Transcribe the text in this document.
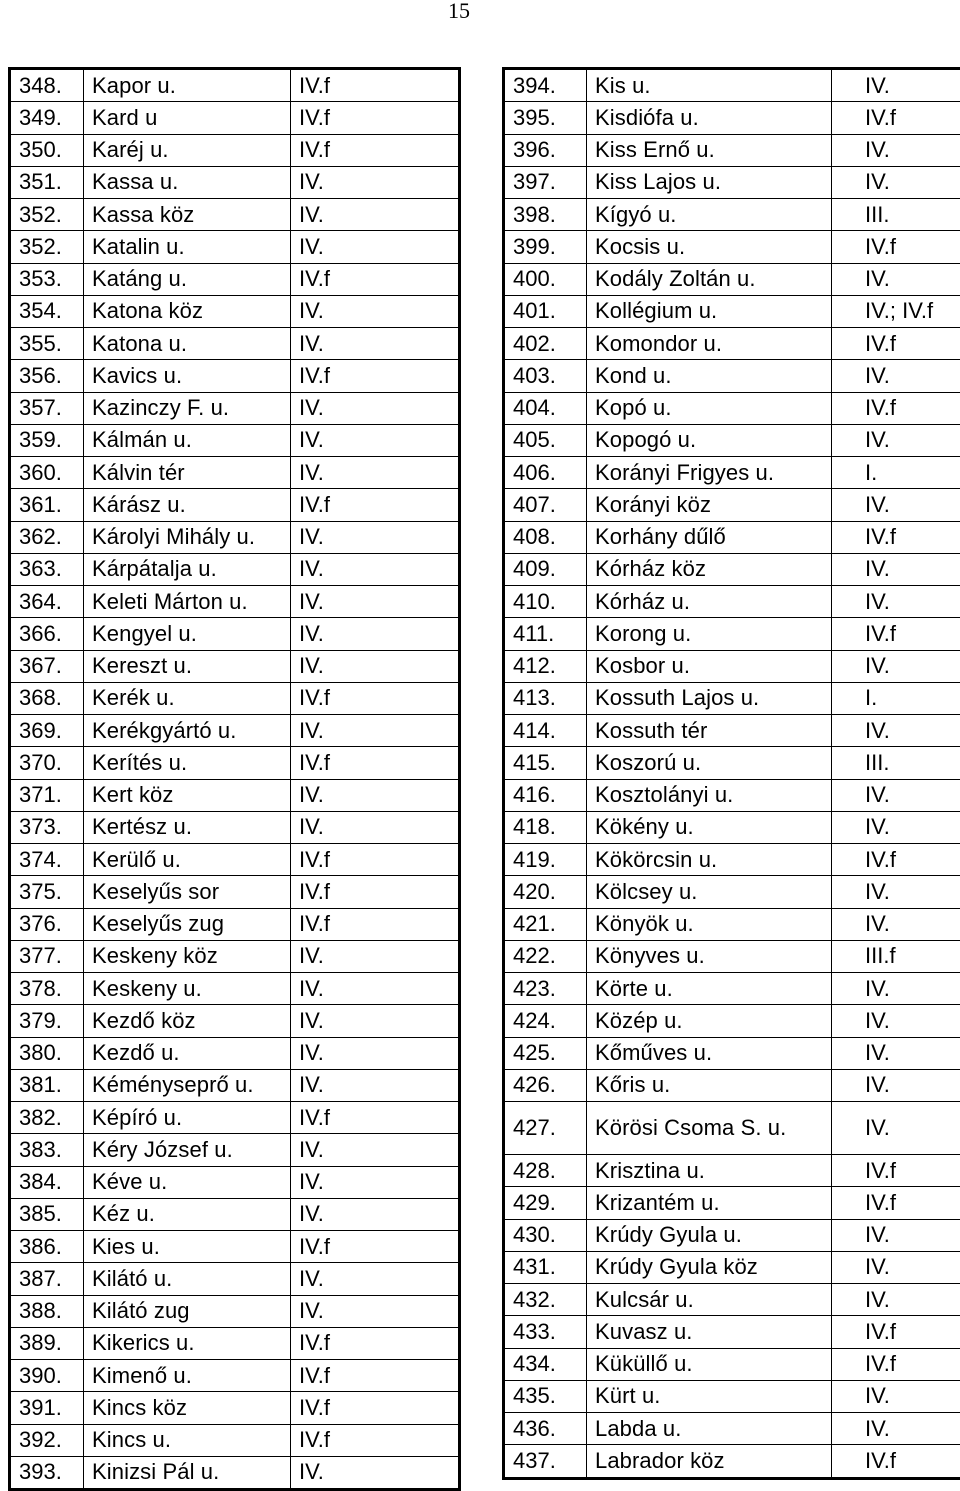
15
348.	Kapor u.	IV.f
349.	Kard u	IV.f
350.	Karéj u.	IV.f
351.	Kassa u.	IV.
352.	Kassa köz	IV.
352.	Katalin u.	IV.
353.	Katáng u.	IV.f
354.	Katona köz	IV.
355.	Katona u.	IV.
356.	Kavics u.	IV.f
357.	Kazinczy F. u.	IV.
359.	Kálmán u.	IV.
360.	Kálvin tér	IV.
361.	Kárász u.	IV.f
362.	Károlyi Mihály u.	IV.
363.	Kárpátalja u.	IV.
364.	Keleti Márton u.	IV.
366.	Kengyel u.	IV.
367.	Kereszt u.	IV.
368.	Kerék u.	IV.f
369.	Kerékgyártó u.	IV.
370.	Kerítés u.	IV.f
371.	Kert köz	IV.
373.	Kertész u.	IV.
374.	Kerülő u.	IV.f
375.	Keselyűs sor	IV.f
376.	Keselyűs zug	IV.f
377.	Keskeny köz	IV.
378.	Keskeny u.	IV.
379.	Kezdő köz	IV.
380.	Kezdő u.	IV.
381.	Kéményseprő u.	IV.
382.	Képíró u.	IV.f
383.	Kéry József u.	IV.
384.	Kéve u.	IV.
385.	Kéz u.	IV.
386.	Kies u.	IV.f
387.	Kilátó u.	IV.
388.	Kilátó zug	IV.
389.	Kikerics u.	IV.f
390.	Kimenő u.	IV.f
391.	Kincs köz	IV.f
392.	Kincs u.	IV.f
393.	Kinizsi Pál u.	IV.
394.	Kis u.	IV.
395.	Kisdiófa u.	IV.f
396.	Kiss Ernő u.	IV.
397.	Kiss Lajos u.	IV.
398.	Kígyó u.	III.
399.	Kocsis u.	IV.f
400.	Kodály Zoltán u.	IV.
401.	Kollégium u.	IV.; IV.f
402.	Komondor u.	IV.f
403.	Kond u.	IV.
404.	Kopó u.	IV.f
405.	Kopogó u.	IV.
406.	Korányi Frigyes u.	I.
407.	Korányi köz	IV.
408.	Korhány dűlő	IV.f
409.	Kórház köz	IV.
410.	Kórház u.	IV.
411.	Korong u.	IV.f
412.	Kosbor u.	IV.
413.	Kossuth Lajos u.	I.
414.	Kossuth tér	IV.
415.	Koszorú u.	III.
416.	Kosztolányi u.	IV.
418.	Kökény u.	IV.
419.	Kökörcsin u.	IV.f
420.	Kölcsey u.	IV.
421.	Könyök u.	IV.
422.	Könyves u.	III.f
423.	Körte u.	IV.
424.	Közép u.	IV.
425.	Kőműves u.	IV.
426.	Kőris u.	IV.
427.	Körösi Csoma S. u.	IV.
428.	Krisztina u.	IV.f
429.	Krizantém u.	IV.f
430.	Krúdy Gyula u.	IV.
431.	Krúdy Gyula köz	IV.
432.	Kulcsár u.	IV.
433.	Kuvasz u.	IV.f
434.	Küküllő u.	IV.f
435.	Kürt u.	IV.
436.	Labda u.	IV.
437.	Labrador köz	IV.f
